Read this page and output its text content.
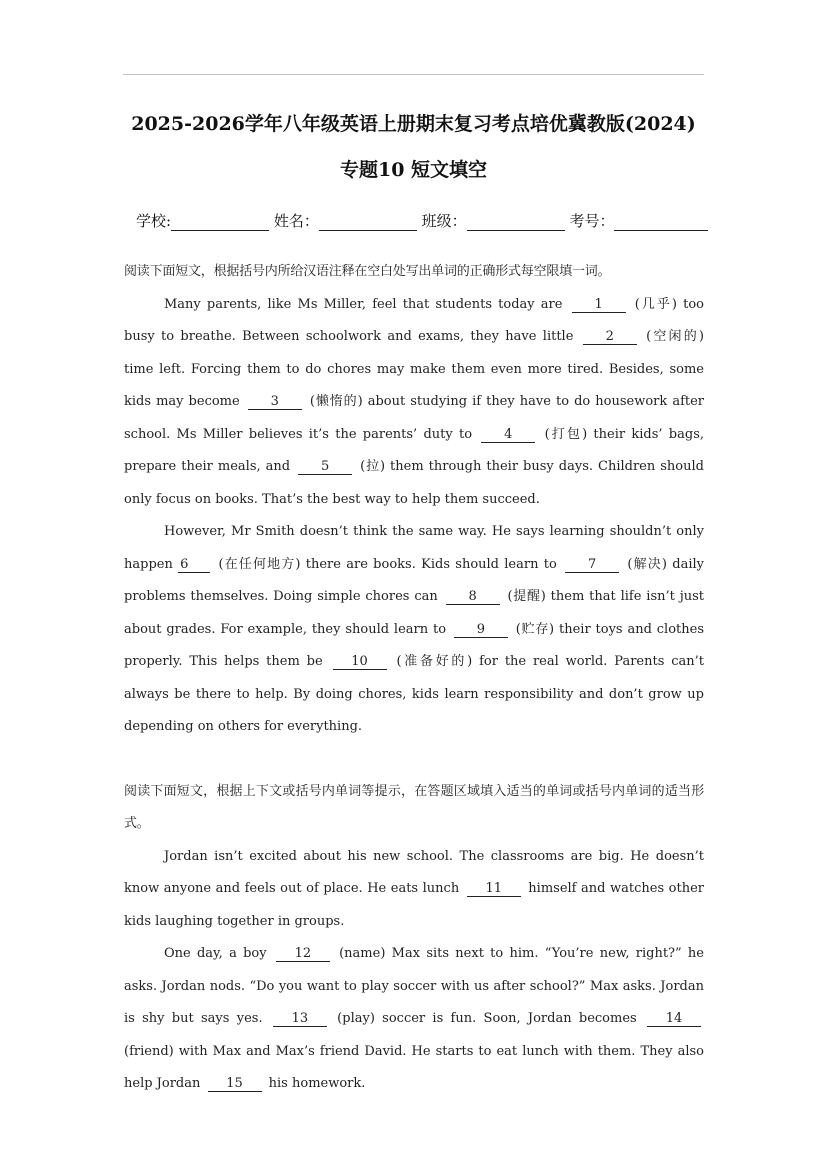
2025-2026学年八年级英语上册期末复习考点培优冀教版(2024)
专题10 短文填空
学校:	姓名：	班级：	考号：

阅读下面短文，根据括号内所给汉语注释在空白处写出单词的正确形式每空限填一词。

Many parents, like Ms Miller, feel that students today are 1 (几乎) too busy to breathe. Between schoolwork and exams, they have little 2 (空闲的) time left. Forcing them to do chores may make them even more tired. Besides, some kids may become 3 (懒惰的) about studying if they have to do housework after school. Ms Miller believes it’s the parents’ duty to 4 (打包) their kids’ bags, prepare their meals, and 5 (拉) them through their busy days. Children should only focus on books. That’s the best way to help them succeed.

However, Mr Smith doesn’t think the same way. He says learning shouldn’t only happen 6 (在任何地方) there are books. Kids should learn to 7 (解决) daily problems themselves. Doing simple chores can 8 (提醒) them that life isn’t just about grades. For example, they should learn to 9 (贮存) their toys and clothes properly. This helps them be 10 (准备好的) for the real world. Parents can’t always be there to help. By doing chores, kids learn responsibility and don’t grow up depending on others for everything.

阅读下面短文，根据上下文或括号内单词等提示，在答题区域填入适当的单词或括号内单词的适当形式。

Jordan isn’t excited about his new school. The classrooms are big. He doesn’t know anyone and feels out of place. He eats lunch 11 himself and watches other kids laughing together in groups.

One day, a boy 12 (name) Max sits next to him. “You’re new, right?” he asks. Jordan nods. “Do you want to play soccer with us after school?” Max asks. Jordan is shy but says yes. 13 (play) soccer is fun. Soon, Jordan becomes 14 (friend) with Max and Max’s friend David. He starts to eat lunch with them. They also help Jordan 15 his homework.
